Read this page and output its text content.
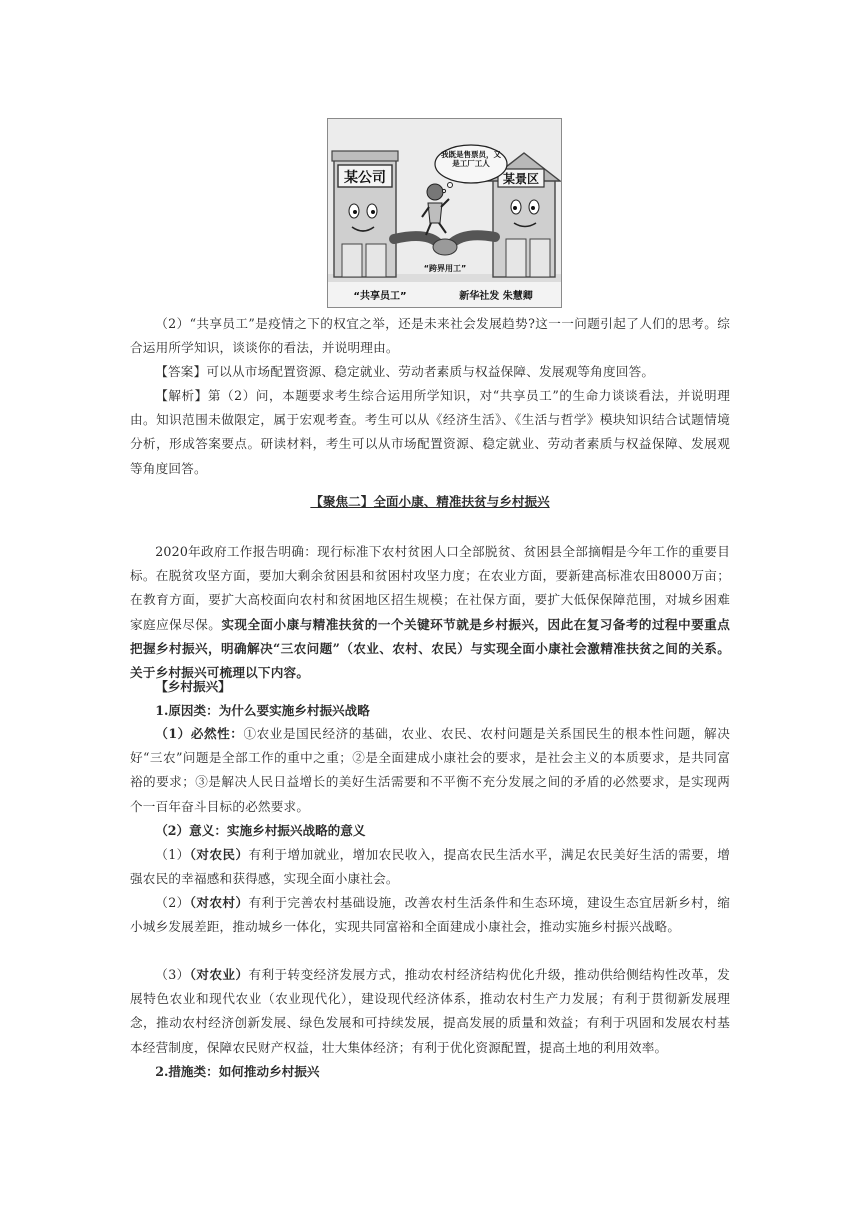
某公司	某景区
我既是售票员，又是工厂工人
“跨界用工”
“共享员工”	新华社发 朱慧卿

（2）“共享员工”是疫情之下的权宜之举，还是未来社会发展趋势?这一一问题引起了人们的思考。综合运用所学知识，谈谈你的看法，并说明理由。

【答案】可以从市场配置资源、稳定就业、劳动者素质与权益保障、发展观等角度回答。

【解析】第（2）问，本题要求考生综合运用所学知识，对“共享员工”的生命力谈谈看法，并说明理由。知识范围未做限定，属于宏观考查。考生可以从《经济生活》、《生活与哲学》模块知识结合试题情境分析，形成答案要点。研读材料，考生可以从市场配置资源、稳定就业、劳动者素质与权益保障、发展观等角度回答。

【聚焦二】全面小康、精准扶贫与乡村振兴

2020年政府工作报告明确：现行标准下农村贫困人口全部脱贫、贫困县全部摘帽是今年工作的重要目标。在脱贫攻坚方面，要加大剩余贫困县和贫困村攻坚力度；在农业方面，要新建高标准农田8000万亩；在教育方面，要扩大高校面向农村和贫困地区招生规模；在社保方面，要扩大低保保障范围，对城乡困难家庭应保尽保。实现全面小康与精准扶贫的一个关键环节就是乡村振兴，因此在复习备考的过程中要重点把握乡村振兴，明确解决“三农问题”（农业、农村、农民）与实现全面小康社会激精准扶贫之间的关系。关于乡村振兴可梳理以下内容。

【乡村振兴】

1.原因类：为什么要实施乡村振兴战略

（1）必然性：①农业是国民经济的基础，农业、农民、农村问题是关系国民生的根本性问题，解决好“三农”问题是全部工作的重中之重；②是全面建成小康社会的要求，是社会主义的本质要求，是共同富裕的要求；③是解决人民日益增长的美好生活需要和不平衡不充分发展之间的矛盾的必然要求，是实现两个一百年奋斗目标的必然要求。

（2）意义：实施乡村振兴战略的意义

（1）（对农民）有利于增加就业，增加农民收入，提高农民生活水平，满足农民美好生活的需要，增强农民的幸福感和获得感，实现全面小康社会。

（2）（对农村）有利于完善农村基础设施，改善农村生活条件和生态环境，建设生态宜居新乡村，缩小城乡发展差距，推动城乡一体化，实现共同富裕和全面建成小康社会，推动实施乡村振兴战略。

（3）（对农业）有利于转变经济发展方式，推动农村经济结构优化升级，推动供给侧结构性改革，发展特色农业和现代农业（农业现代化），建设现代经济体系，推动农村生产力发展；有利于贯彻新发展理念，推动农村经济创新发展、绿色发展和可持续发展，提高发展的质量和效益；有利于巩固和发展农村基本经营制度，保障农民财产权益，壮大集体经济；有利于优化资源配置，提高土地的利用效率。

2.措施类：如何推动乡村振兴
